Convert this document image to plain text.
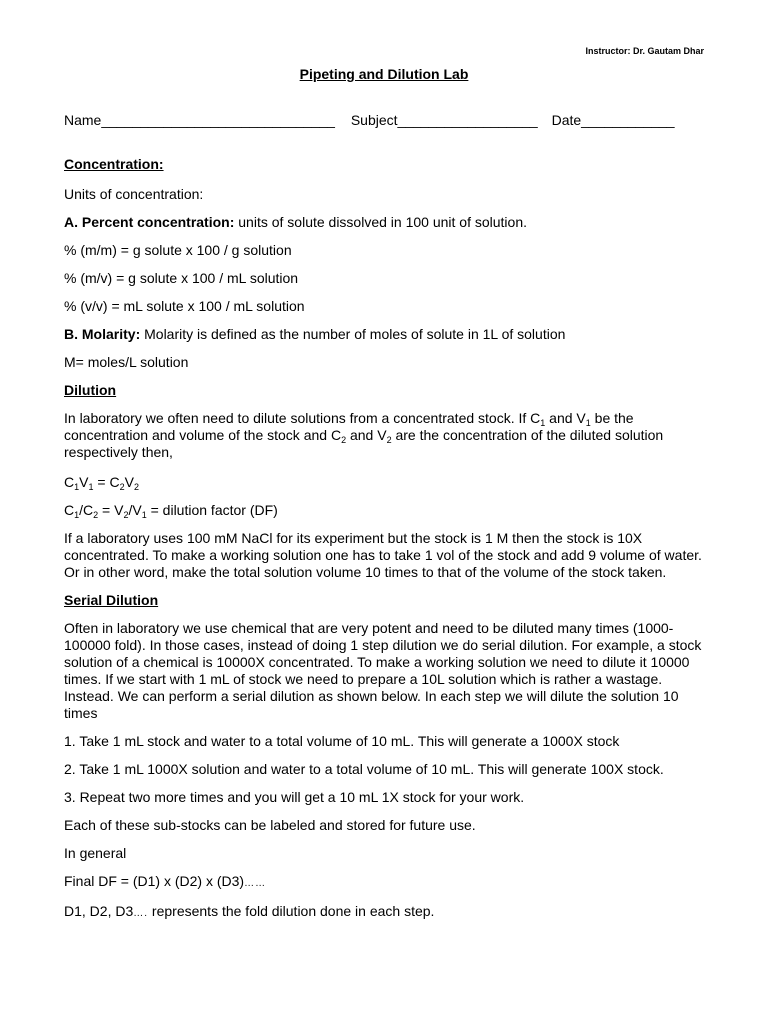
Instructor: Dr. Gautam Dhar
Pipeting and Dilution Lab
Name______________________________ Subject__________________ Date____________

Concentration:

Units of concentration:

A. Percent concentration: units of solute dissolved in 100 unit of solution.

% (m/m) = g solute x 100 / g solution

% (m/v) = g solute x 100 / mL solution

% (v/v) = mL solute x 100 / mL solution

B. Molarity: Molarity is defined as the number of moles of solute in 1L of solution

M= moles/L solution

Dilution

In laboratory we often need to dilute solutions from a concentrated stock. If $C_1$ and $V_1$ be the
concentration and volume of the stock and $C_2$ and $V_2$ are the concentration of the diluted solution
respectively then,

$C_1V_1 = C_2V_2$

$C_1/C_2 = V_2/V_1$ = dilution factor (DF)

If a laboratory uses 100 mM NaCl for its experiment but the stock is 1 M then the stock is 10X
concentrated. To make a working solution one has to take 1 vol of the stock and add 9 volume of water.
Or in other word, make the total solution volume 10 times to that of the volume of the stock taken.

Serial Dilution

Often in laboratory we use chemical that are very potent and need to be diluted many times (1000-
100000 fold). In those cases, instead of doing 1 step dilution we do serial dilution. For example, a stock
solution of a chemical is 10000X concentrated. To make a working solution we need to dilute it 10000
times. If we start with 1 mL of stock we need to prepare a 10L solution which is rather a wastage.
Instead. We can perform a serial dilution as shown below. In each step we will dilute the solution 10
times

1. Take 1 mL stock and water to a total volume of 10 mL. This will generate a 1000X stock

2. Take 1 mL 1000X solution and water to a total volume of 10 mL. This will generate 100X stock.

3. Repeat two more times and you will get a 10 mL 1X stock for your work.

Each of these sub-stocks can be labeled and stored for future use.

In general

Final DF = (D1) x (D2) x (D3)……

D1, D2, D3…. represents the fold dilution done in each step.
